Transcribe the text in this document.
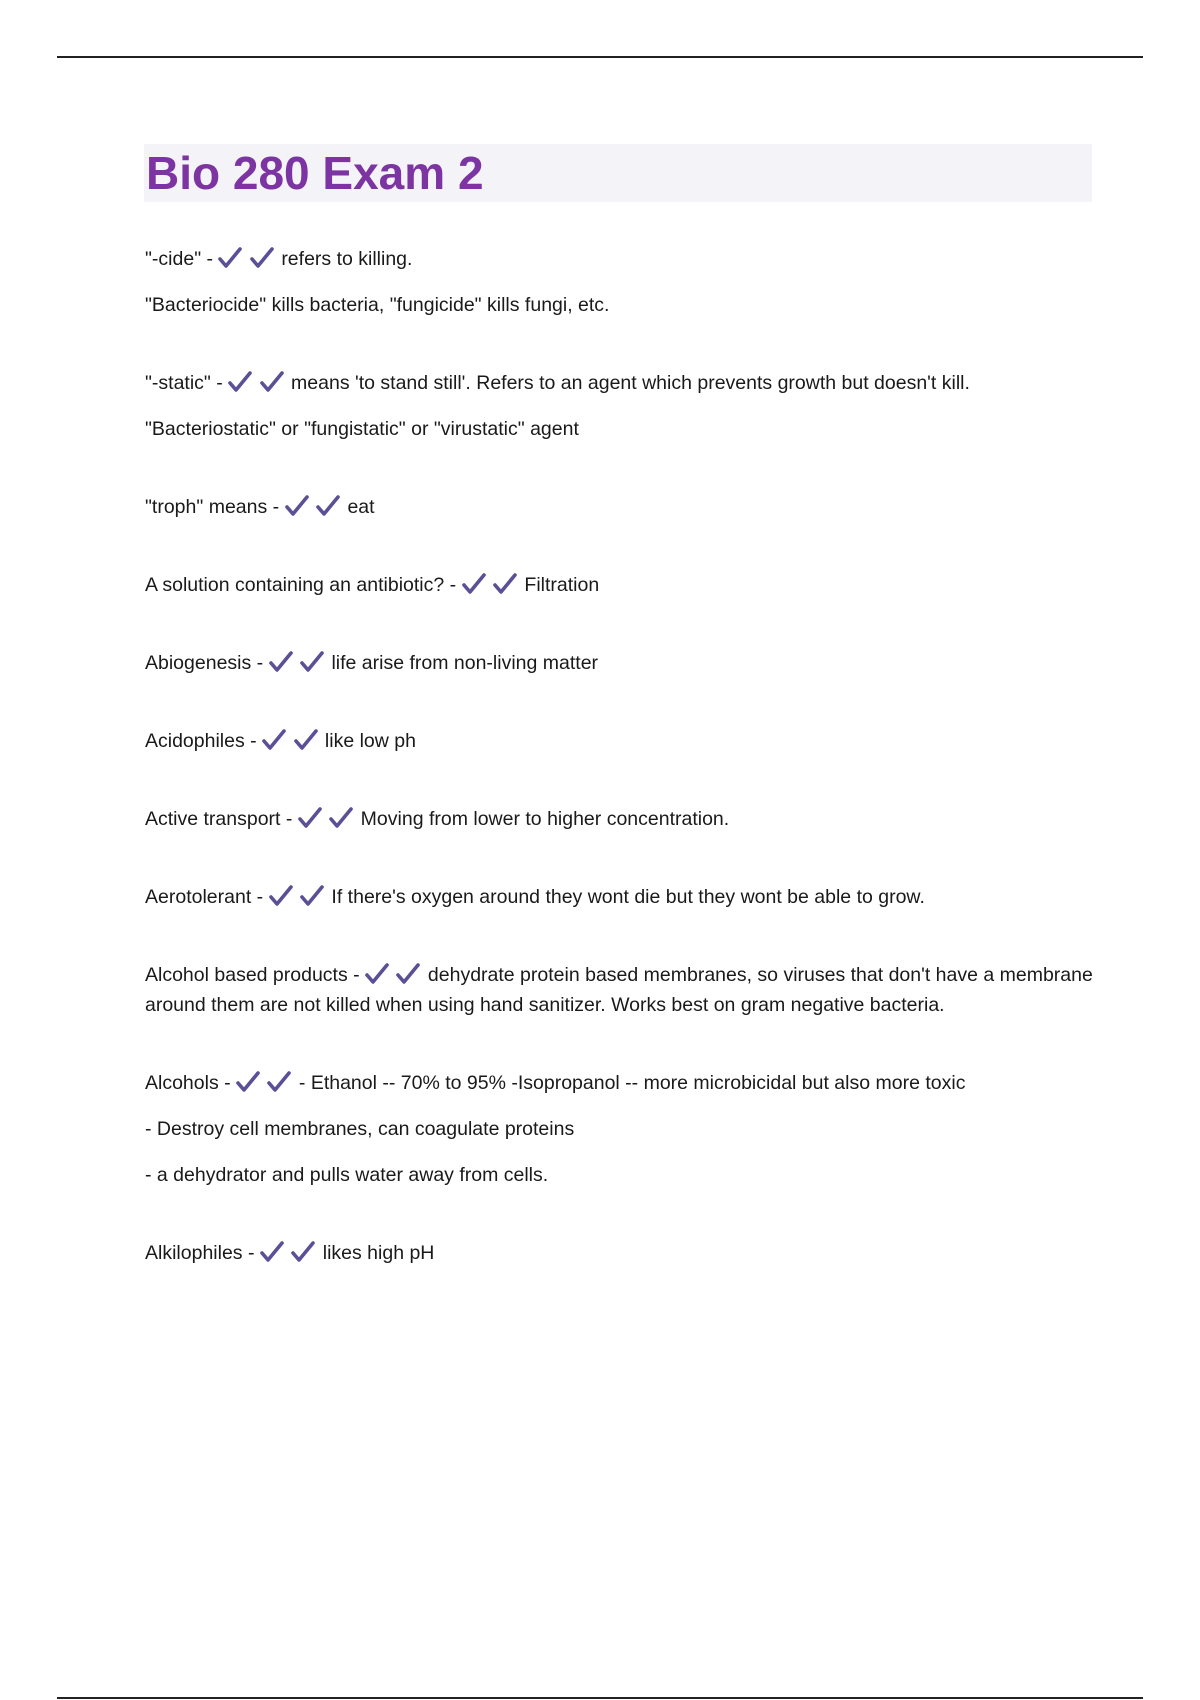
Bio 280 Exam 2

"-cide" -
	refers to killing.

"Bacteriocide" kills bacteria, "fungicide" kills fungi, etc.

"-static" -
	means 'to stand still'. Refers to an agent which prevents growth but doesn't kill.

"Bacteriostatic" or "fungistatic" or "virustatic" agent

"troph" means -
	eat

A solution containing an antibiotic? -
	Filtration

Abiogenesis -
	life arise from non-living matter

Acidophiles -
	like low ph

Active transport -
	Moving from lower to higher concentration.

Aerotolerant -
	If there's oxygen around they wont die but they wont be able to grow.

Alcohol based products -
	dehydrate protein based membranes, so viruses that don't have a membrane around them are not killed when using hand sanitizer. Works best on gram negative bacteria.

Alcohols -
	- Ethanol -- 70% to 95% -Isopropanol -- more microbicidal but also more toxic

- Destroy cell membranes, can coagulate proteins

- a dehydrator and pulls water away from cells.

Alkilophiles -
	likes high pH
